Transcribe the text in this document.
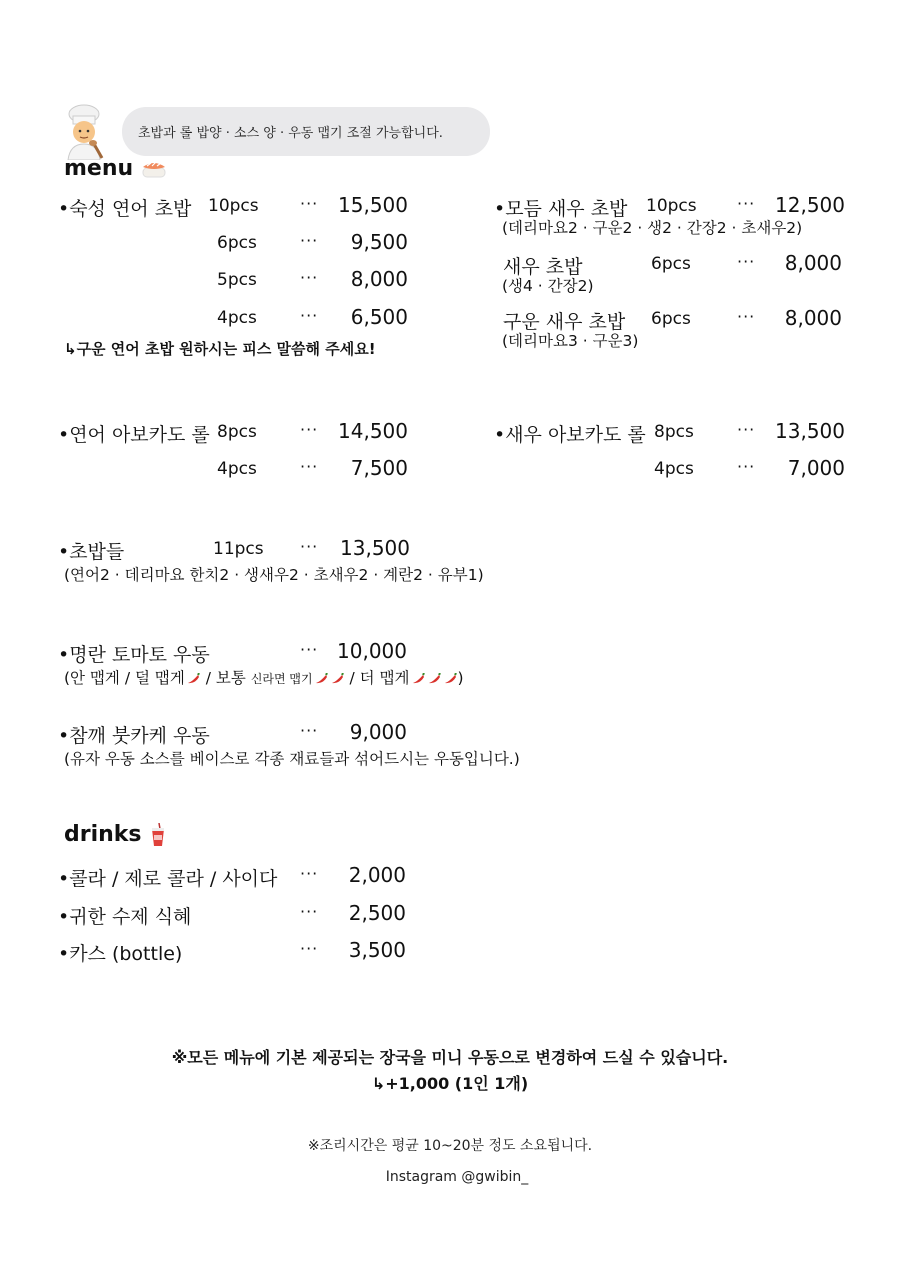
초밥과 롤 밥양 · 소스 양 · 우동 맵기 조절 가능합니다.
menu
•숙성 연어 초밥 10pcs	··· 15,500
6pcs	···	9,500
5pcs	···	8,000
4pcs	···	6,500
↳구운 연어 초밥 원하시는 피스 말씀해 주세요!
•모듬 새우 초밥 10pcs	··· 12,500
(데리마요2 · 구운2 · 생2 · 간장2 · 초새우2)
새우 초밥	6pcs	···	8,000
(생4 · 간장2)
구운 새우 초밥 6pcs	···	8,000
(데리마요3 · 구운3)
•연어 아보카도 롤 8pcs	··· 14,500
4pcs	···	7,500
•새우 아보카도 롤 8pcs	··· 13,500
4pcs	···	7,000
•초밥들	11pcs ···	13,500
(연어2 · 데리마요 한치2 · 생새우2 · 초새우2 · 계란2 · 유부1)
•명란 토마토 우동	··· 10,000
(안 맵게 / 덜 맵게 / 보통 신라면 맵기 / 더 맵게	)
•참깨 붓카케 우동	···	9,000
(유자 우동 소스를 베이스로 각종 재료들과 섞어드시는 우동입니다.)
drinks
•콜라 / 제로 콜라 / 사이다 ···	2,000
•귀한 수제 식혜	···	2,500
•카스 (bottle)	···	3,500
※모든 메뉴에 기본 제공되는 장국을 미니 우동으로 변경하여 드실 수 있습니다.
↳+1,000 (1인 1개)
※조리시간은 평균 10~20분 정도 소요됩니다.
Instagram @gwibin_
